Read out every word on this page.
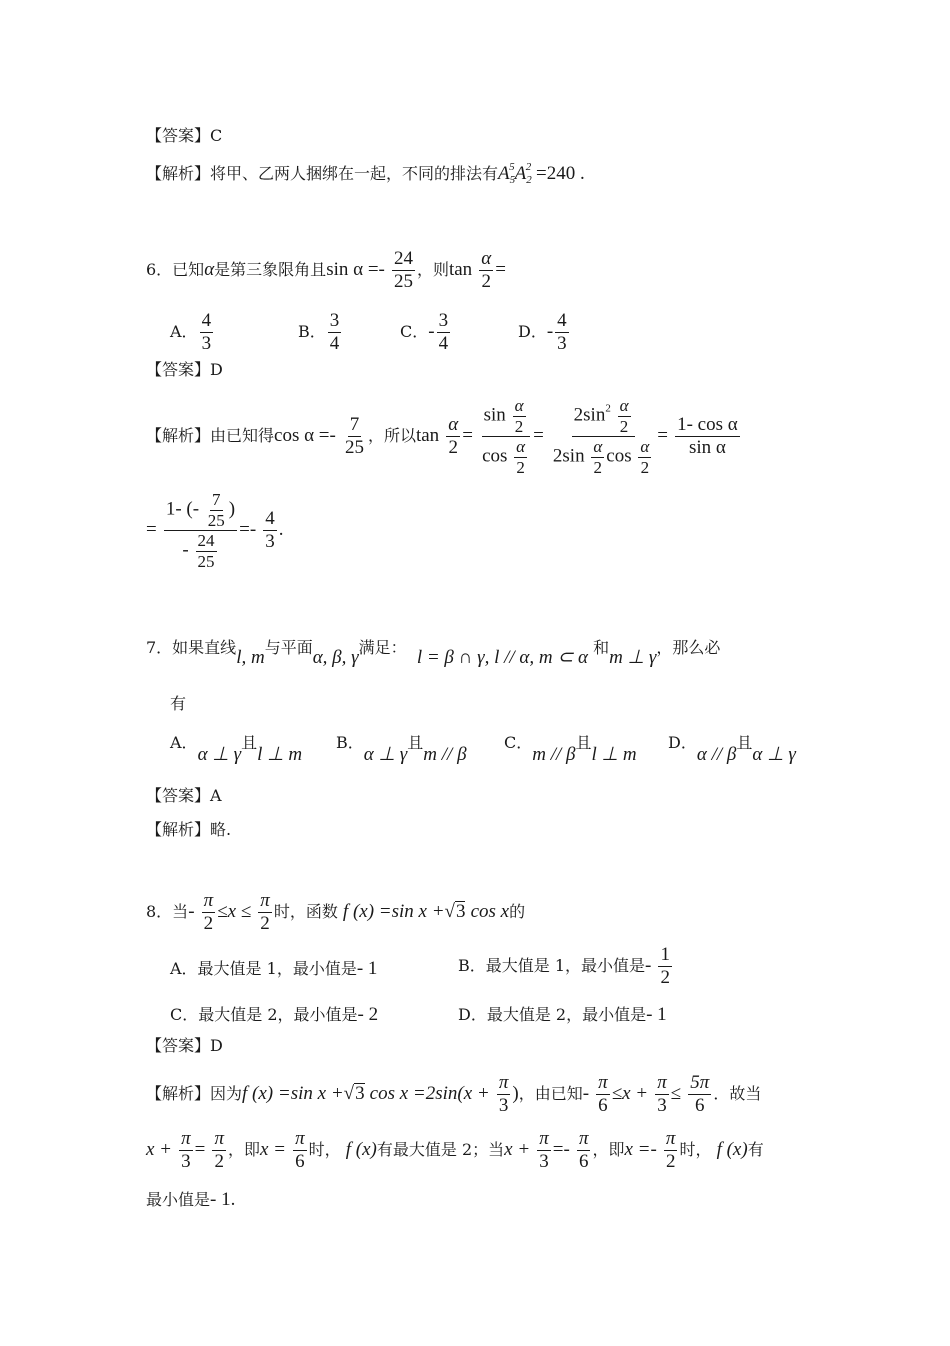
【答案】C
【解析】将甲、乙两人捆绑在一起，不同的排法有$A_5^5A_2^2 =240$ .
6．已知α是第三象限角且$\sin \alpha =- \frac{24}{25}$ ，则$\tan \frac{\alpha}{2}$ =
A． $\frac{4}{3}$	B． $\frac{3}{4}$	C．- $\frac{3}{4}$	D．- $\frac{4}{3}$
【答案】D
【解析】由已知得$\cos \alpha =- \frac{7}{25}$ ，所以$\tan \frac{\alpha}{2} = \frac{\sin \frac{\alpha}{2}}{\cos \frac{\alpha}{2}} = \frac{2\sin^2 \frac{\alpha}{2}}{2\sin \frac{\alpha}{2} \cos \frac{\alpha}{2}} = \frac{\text{1- cos α}}{\text{sin α}}$
= $\frac{1- (- \frac{7}{25} )}{- \frac{24}{25}} =- \frac{4}{3}$ .
7．如果直线l, m与平面α, β, γ满足： l = β ∩ γ, l // α, m ⊂ α 和m ⊥ γ，那么必
有
A．α ⊥ γ且l ⊥ m
B．α ⊥ γ且m // β
C．m // β且l ⊥ m
D．α // β且α ⊥ γ
【答案】A
【解析】略.
8．当- $\frac{\pi}{2} \le x \le \frac{\pi}{2}$ 时，函数 f (x) =sin x +√3 cos x的
A．最大值是 1，最小值是- 1	B．最大值是 1，最小值是- $\frac{1}{2}$
C．最大值是 2，最小值是- 2	D．最大值是 2，最小值是- 1
【答案】D
【解析】因为f (x) =sin x +√3 $\cos x =2\sin(x + \frac{\pi}{3}$ )，由已知- $\frac{\pi}{6} \le x + \frac{\pi}{3} \le \frac{5\pi}{6}$ ．故当
$x + \frac{\pi}{3} = \frac{\pi}{2}$ ，即$x = \frac{\pi}{6}$ 时， f (x)有最大值是 2；当$x + \frac{\pi}{3} =- \frac{\pi}{6}$ ，即$x =- \frac{\pi}{2}$ 时， f (x)有
最小值是- 1.
